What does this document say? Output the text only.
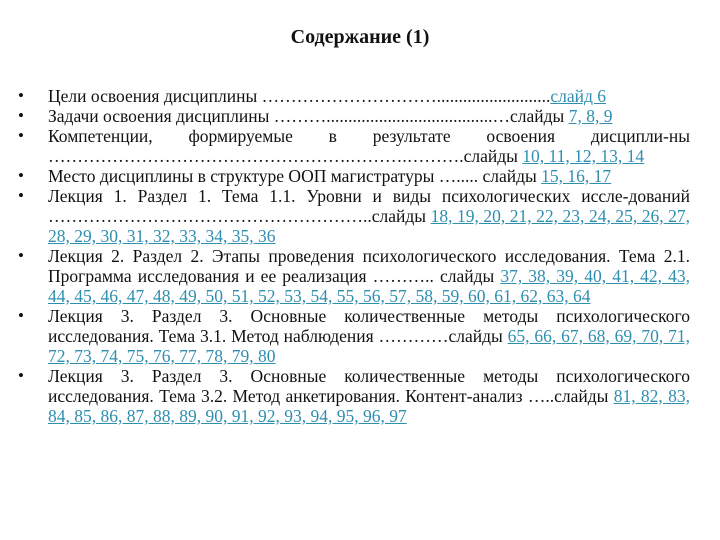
Содержание (1)
• Цели освоения дисциплины …………………………..........................слайд 6
• Задачи освоения дисциплины ………......................................…слайды 7, 8, 9
• Компетенции, формируемые в результате освоения дисципли-ны …………………………………………….……….……….слайды 10, 11, 12, 13, 14
• Место дисциплины в структуре ООП магистратуры …..... слайды 15, 16, 17
• Лекция 1. Раздел 1. Тема 1.1. Уровни и виды психологических иссле-дований ………………………………………………..слайды 18, 19, 20, 21, 22, 23, 24, 25, 26, 27, 28, 29, 30, 31, 32, 33, 34, 35, 36
• Лекция 2. Раздел 2. Этапы проведения психологического исследования. Тема 2.1. Программа исследования и ее реализация ……….. слайды 37, 38, 39, 40, 41, 42, 43, 44, 45, 46, 47, 48, 49, 50, 51, 52, 53, 54, 55, 56, 57, 58, 59, 60, 61, 62, 63, 64
• Лекция 3. Раздел 3. Основные количественные методы психологического исследования. Тема 3.1. Метод наблюдения …………слайды 65, 66, 67, 68, 69, 70, 71, 72, 73, 74, 75, 76, 77, 78, 79, 80
• Лекция 3. Раздел 3. Основные количественные методы психологического исследования. Тема 3.2. Метод анкетирования. Контент-анализ …..слайды 81, 82, 83, 84, 85, 86, 87, 88, 89, 90, 91, 92, 93, 94, 95, 96, 97
